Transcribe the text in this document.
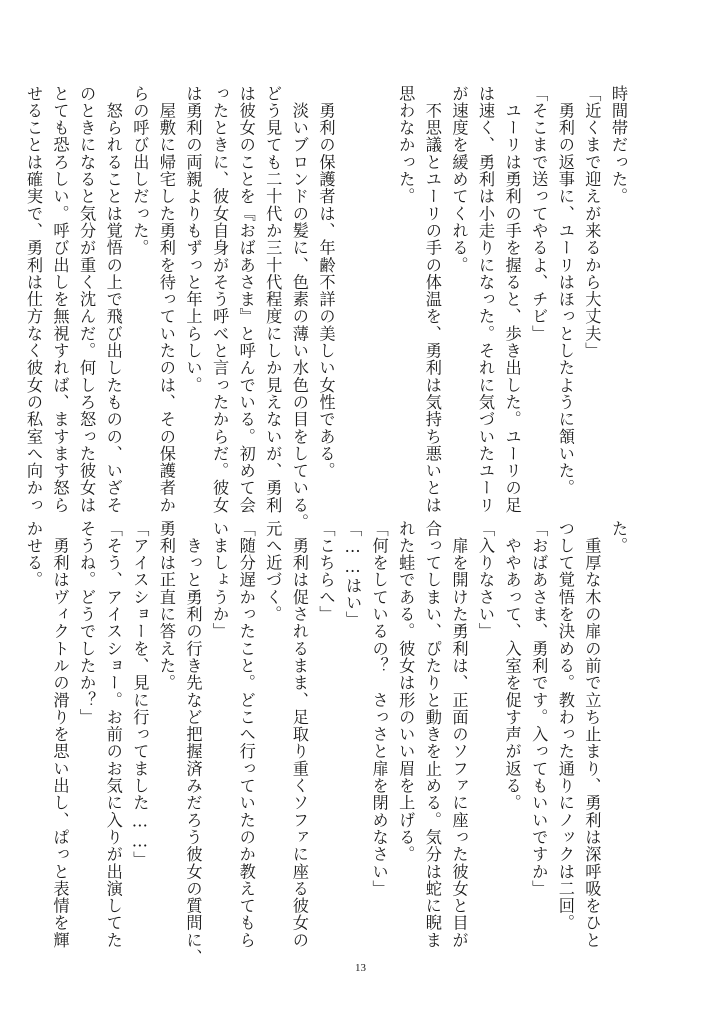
時間帯だった。
「近くまで迎えが来るから大丈夫」
　勇利の返事に、ユーリはほっとしたように頷いた。
「そこまで送ってやるよ、チビ」
　ユーリは勇利の手を握ると、歩き出した。ユーリの足
は速く、勇利は小走りになった。それに気づいたユーリ
が速度を緩めてくれる。
　不思議とユーリの手の体温を、勇利は気持ち悪いとは
思わなかった。
　勇利の保護者は、年齢不詳の美しい女性である。
　淡いブロンドの髪に、色素の薄い水色の目をしている。
どう見ても二十代か三十代程度にしか見えないが、勇利
は彼女のことを『おばあさま』と呼んでいる。初めて会
ったときに、彼女自身がそう呼べと言ったからだ。彼女
は勇利の両親よりもずっと年上らしい。
　屋敷に帰宅した勇利を待っていたのは、その保護者か
らの呼び出しだった。
　怒られることは覚悟の上で飛び出したものの、いざそ
のときになると気分が重く沈んだ。何しろ怒った彼女は
とても恐ろしい。呼び出しを無視すれば、ますます怒ら
せることは確実で、勇利は仕方なく彼女の私室へ向かっ
た。
　重厚な木の扉の前で立ち止まり、勇利は深呼吸をひと
つして覚悟を決める。教わった通りにノックは二回。
「おばあさま、勇利です。入ってもいいですか」
　ややあって、入室を促す声が返る。
「入りなさい」
　扉を開けた勇利は、正面のソファに座った彼女と目が
合ってしまい、ぴたりと動きを止める。気分は蛇に睨ま
れた蛙である。彼女は形のいい眉を上げる。
「何をしているの？　さっさと扉を閉めなさい」
「……はい」
「こちらへ」
　勇利は促されるまま、足取り重くソファに座る彼女の
元へ近づく。
「随分遅かったこと。どこへ行っていたのか教えてもら
いましょうか」
　きっと勇利の行き先など把握済みだろう彼女の質問に、
勇利は正直に答えた。
「アイスショーを、見に行ってました……」
「そう、アイスショー。お前のお気に入りが出演してた
そうね。どうでしたか？」
　勇利はヴィクトルの滑りを思い出し、ぱっと表情を輝
かせる。
13
